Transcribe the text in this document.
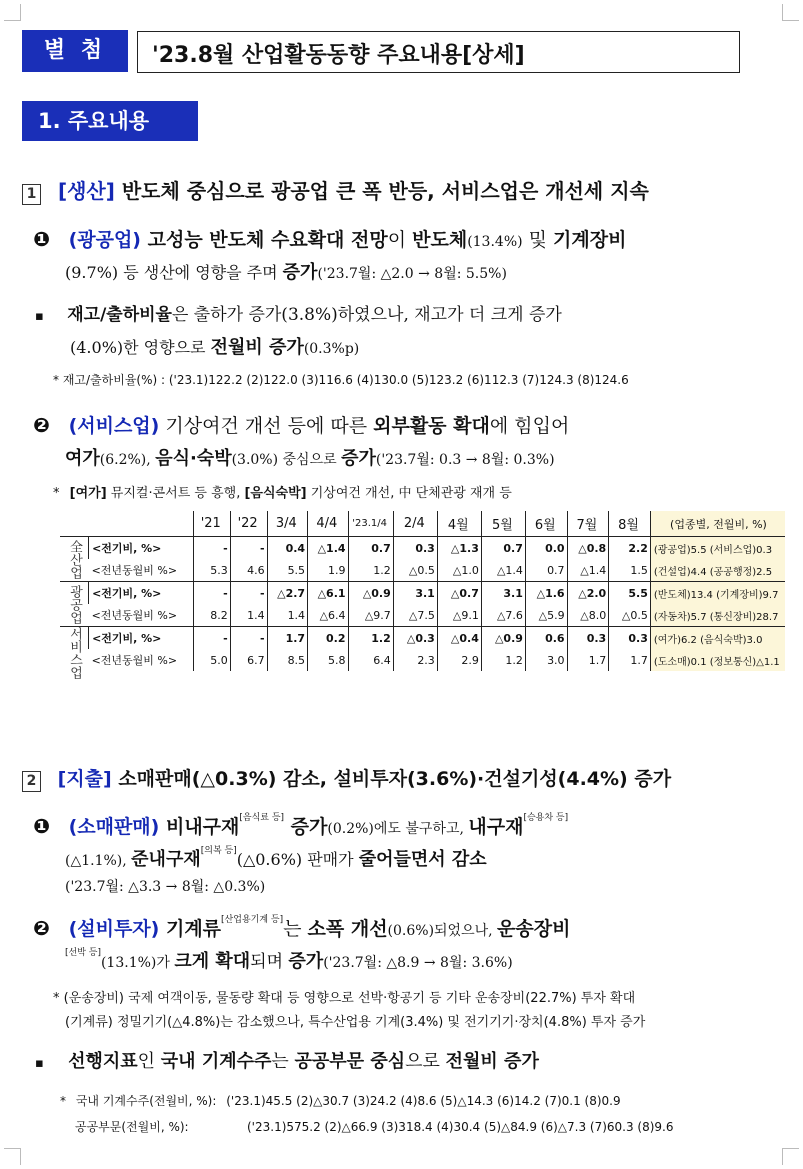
별 첨	'23.8월 산업활동동향 주요내용[상세]
1. 주요내용
1 [생산] 반도체 중심으로 광공업 큰 폭 반등, 서비스업은 개선세 지속
❶ (광공업) 고성능 반도체 수요확대 전망이 반도체(13.4%) 및 기계장비
(9.7%) 등 생산에 영향을 주며 증가('23.7월: △2.0 → 8월: 5.5%)
▪ 재고/출하비율은 출하가 증가(3.8%)하였으나, 재고가 더 크게 증가
(4.0%)한 영향으로 전월비 증가(0.3%p)
* 재고/출하비율(%) : ('23.1)122.2 (2)122.0 (3)116.6 (4)130.0 (5)123.2 (6)112.3 (7)124.3 (8)124.6
❷ (서비스업) 기상여건 개선 등에 따른 외부활동 확대에 힘입어
여가(6.2%), 음식·숙박(3.0%) 중심으로 증가('23.7월: 0.3 → 8월: 0.3%)
* [여가] 뮤지컬·콘서트 등 흥행, [음식숙박] 기상여건 개선, 中 단체관광 재개 등
		'21	'22	3/4	4/4	'23.1/4	2/4	4월	5월	6월	7월	8월	(업종별, 전월비, %)
全산업	<전기비, %>	-	-	0.4	△1.4	0.7	0.3	△1.3	0.7	0.0	△0.8	2.2	(광공업)5.5 (서비스업)0.3
	<전년동월비 %>	5.3	4.6	5.5	1.9	1.2	△0.5	△1.0	△1.4	0.7	△1.4	1.5	(건설업)4.4 (공공행정)2.5
광공업	<전기비, %>	-	-	△2.7	△6.1	△0.9	3.1	△0.7	3.1	△1.6	△2.0	5.5	(반도체)13.4 (기계장비)9.7
	<전년동월비 %>	8.2	1.4	1.4	△6.4	△9.7	△7.5	△9.1	△7.6	△5.9	△8.0	△0.5	(자동차)5.7 (통신장비)28.7
서비스업	<전기비, %>	-	-	1.7	0.2	1.2	△0.3	△0.4	△0.9	0.6	0.3	0.3	(여가)6.2 (음식숙박)3.0
	<전년동월비 %>	5.0	6.7	8.5	5.8	6.4	2.3	2.9	1.2	3.0	1.7	1.7	(도소매)0.1 (정보통신)△1.1
2 [지출] 소매판매(△0.3%) 감소, 설비투자(3.6%)·건설기성(4.4%) 증가
❶ (소매판매) 비내구재[음식료 등] 증가(0.2%)에도 불구하고, 내구재[승용차 등]
(△1.1%), 준내구재[의복 등](△0.6%) 판매가 줄어들면서 감소
('23.7월: △3.3 → 8월: △0.3%)
❷ (설비투자) 기계류[산업용기계 등]는 소폭 개선(0.6%)되었으나, 운송장비
[선박 등](13.1%)가 크게 확대되며 증가('23.7월: △8.9 → 8월: 3.6%)
* (운송장비) 국제 여객이동, 물동량 확대 등 영향으로 선박·항공기 등 기타 운송장비(22.7%) 투자 확대
(기계류) 정밀기기(△4.8%)는 감소했으나, 특수산업용 기계(3.4%) 및 전기기기·장치(4.8%) 투자 증가
▪ 선행지표인 국내 기계수주는 공공부문 중심으로 전월비 증가
* 국내 기계수주(전월비, %): ('23.1)45.5 (2)△30.7 (3)24.2 (4)8.6 (5)△14.3 (6)14.2 (7)0.1 (8)0.9
공공부문(전월비, %):	('23.1)575.2 (2)△66.9 (3)318.4 (4)30.4 (5)△84.9 (6)△7.3 (7)60.3 (8)9.6
